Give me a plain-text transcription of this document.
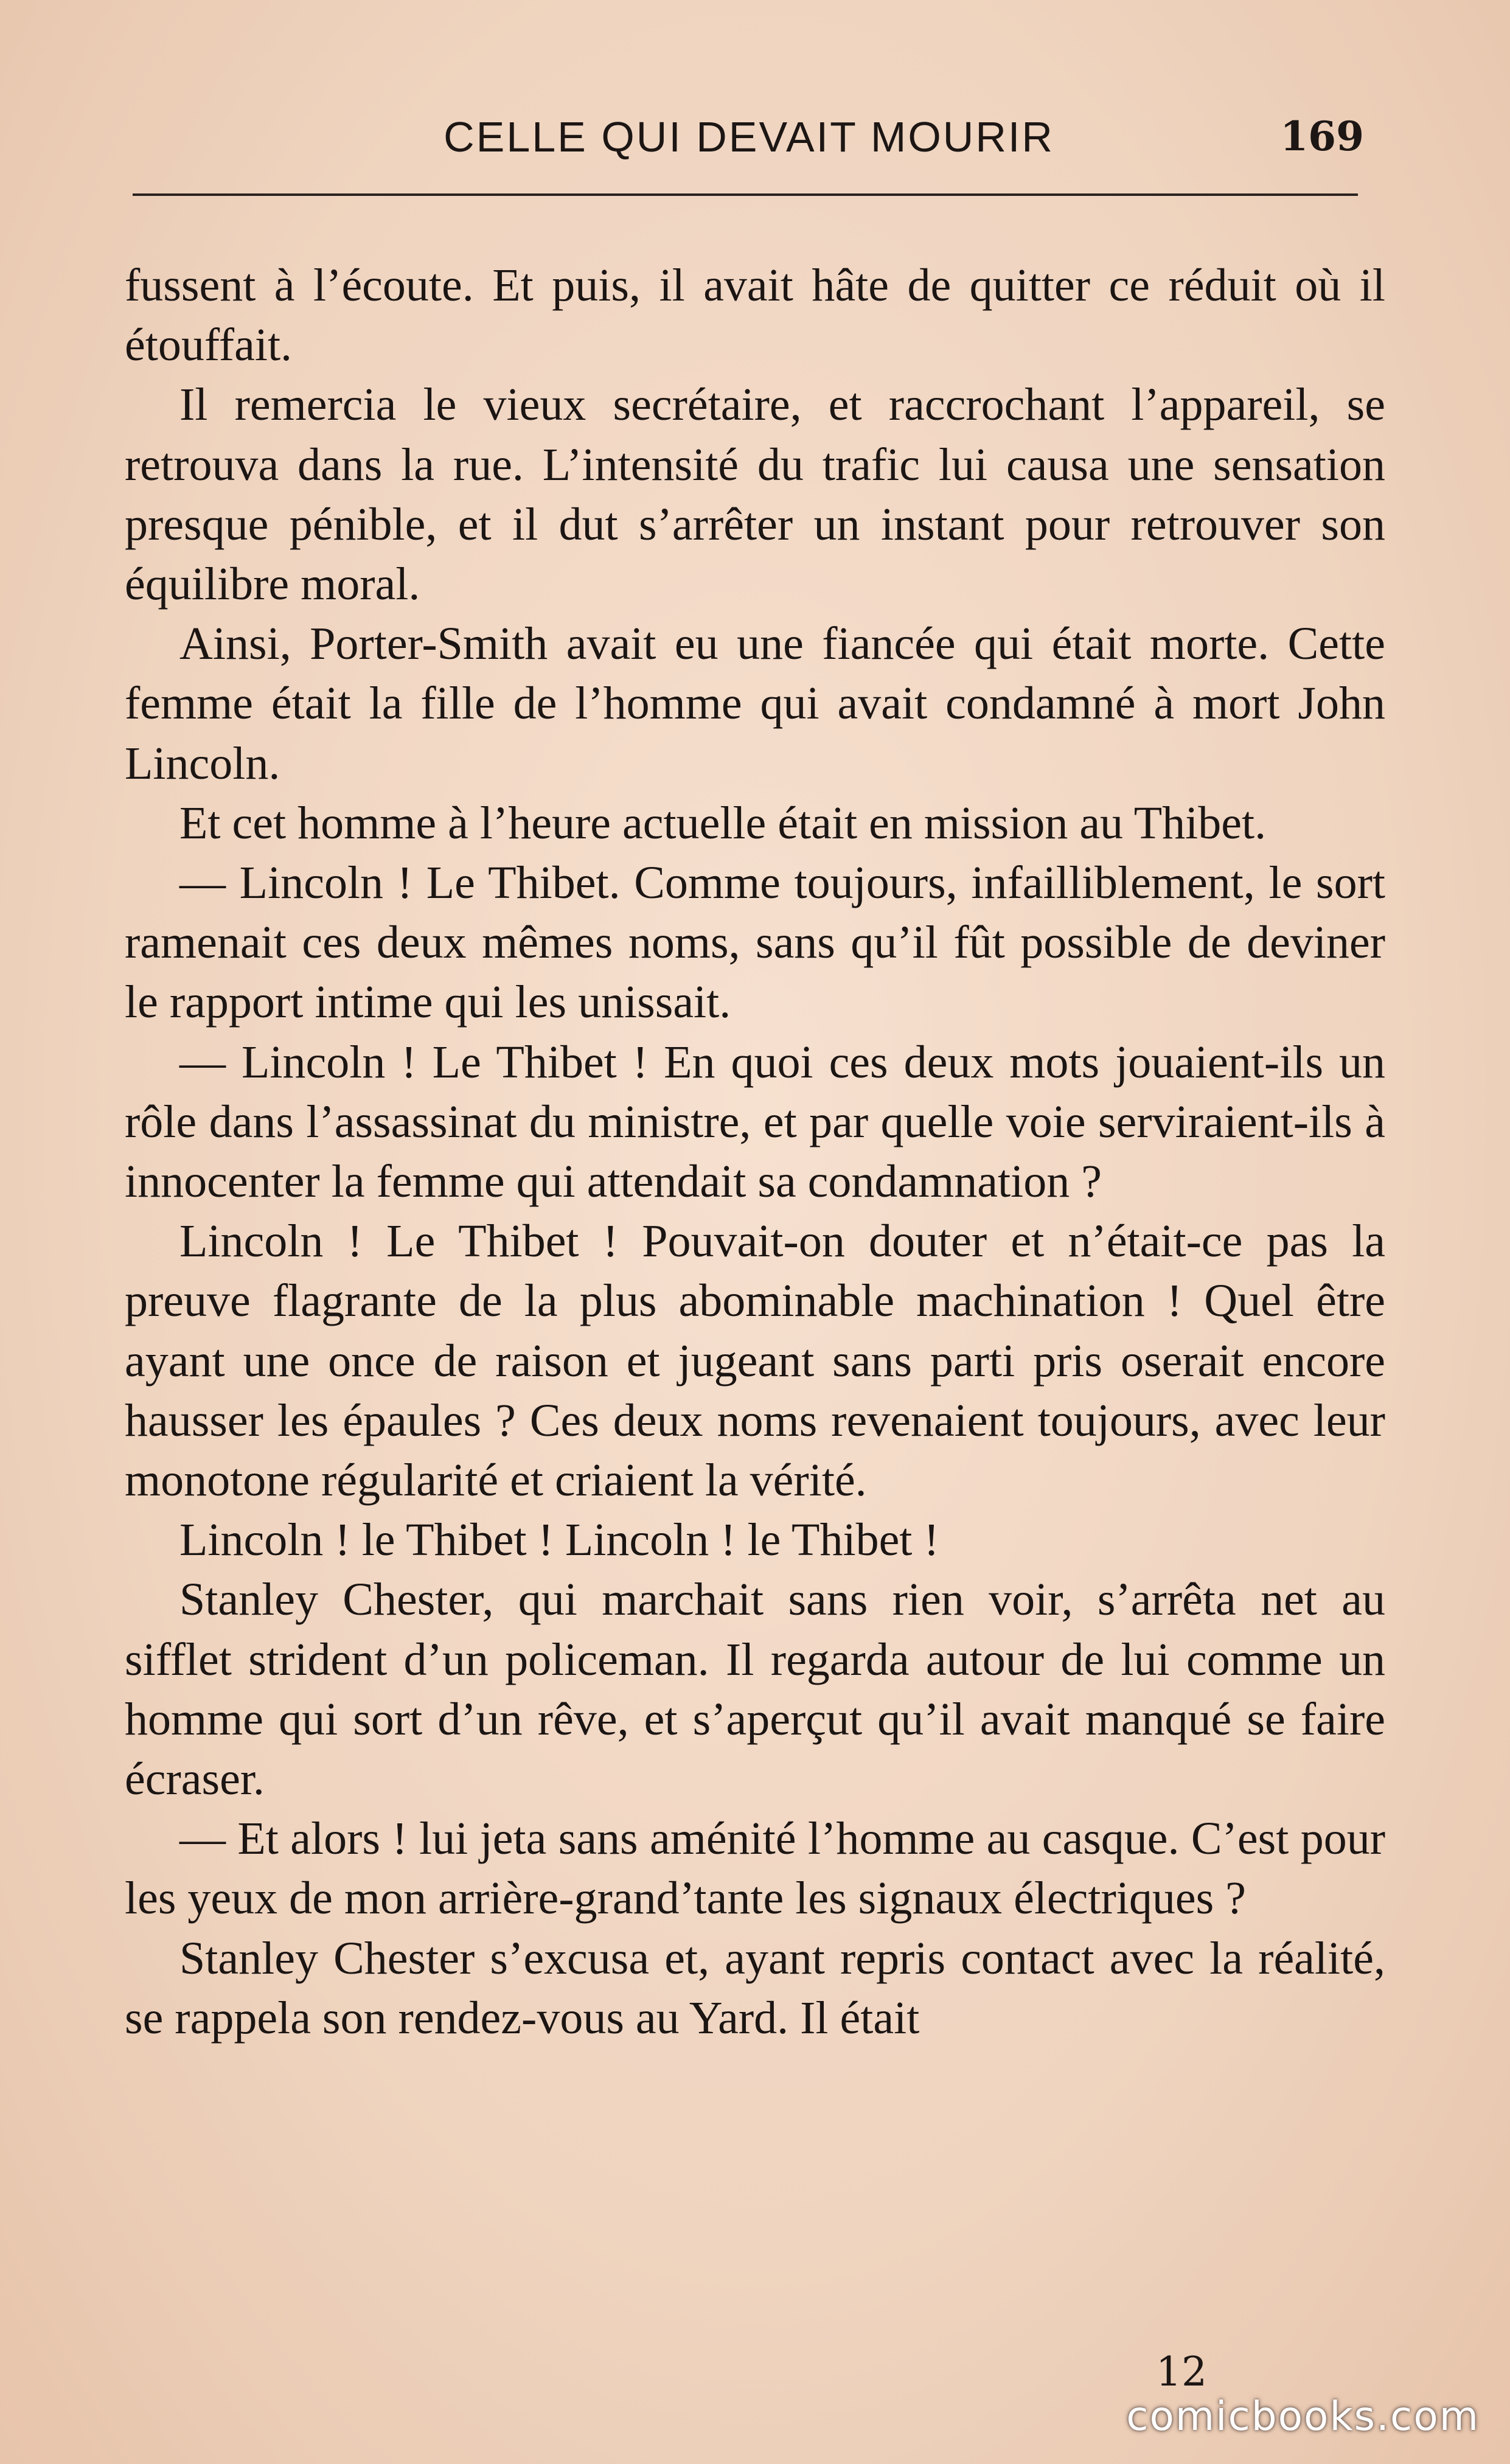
CELLE QUI DEVAIT MOURIR	169

fussent à l’écoute. Et puis, il avait hâte de quitter ce réduit où il étouffait.

Il remercia le vieux secrétaire, et raccrochant l’appareil, se retrouva dans la rue. L’intensité du trafic lui causa une sensation presque pénible, et il dut s’arrêter un instant pour retrouver son équilibre moral.

Ainsi, Porter-Smith avait eu une fiancée qui était morte. Cette femme était la fille de l’homme qui avait condamné à mort John Lincoln.

Et cet homme à l’heure actuelle était en mission au Thibet.

— Lincoln ! Le Thibet. Comme toujours, infailliblement, le sort ramenait ces deux mêmes noms, sans qu’il fût possible de deviner le rapport intime qui les unissait.

— Lincoln ! Le Thibet ! En quoi ces deux mots jouaient-ils un rôle dans l’assassinat du ministre, et par quelle voie serviraient-ils à innocenter la femme qui attendait sa condamnation ?

Lincoln ! Le Thibet ! Pouvait-on douter et n’était-ce pas la preuve flagrante de la plus abominable machination ! Quel être ayant une once de raison et jugeant sans parti pris oserait encore hausser les épaules ? Ces deux noms revenaient toujours, avec leur monotone régularité et criaient la vérité.

Lincoln ! le Thibet ! Lincoln ! le Thibet !

Stanley Chester, qui marchait sans rien voir, s’arrêta net au sifflet strident d’un policeman. Il regarda autour de lui comme un homme qui sort d’un rêve, et s’aperçut qu’il avait manqué se faire écraser.

— Et alors ! lui jeta sans aménité l’homme au casque. C’est pour les yeux de mon arrière-grand’tante les signaux électriques ?

Stanley Chester s’excusa et, ayant repris contact avec la réalité, se rappela son rendez-vous au Yard. Il était

12
comicbooks.com
